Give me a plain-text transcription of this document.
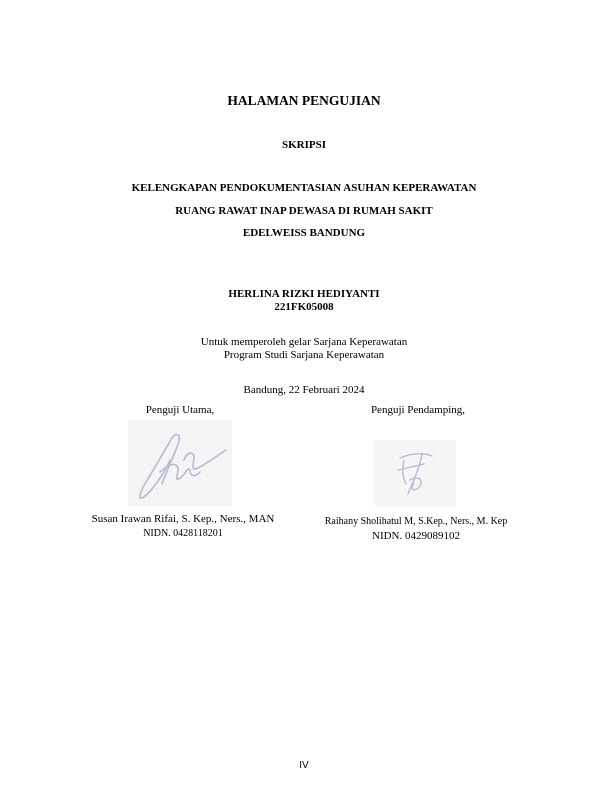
HALAMAN PENGUJIAN
SKRIPSI
KELENGKAPAN PENDOKUMENTASIAN ASUHAN KEPERAWATAN
RUANG RAWAT INAP DEWASA DI RUMAH SAKIT
EDELWEISS BANDUNG
HERLINA RIZKI HEDIYANTI
221FK05008
Untuk memperoleh gelar Sarjana Keperawatan
Program Studi Sarjana Keperawatan
Bandung, 22 Februari 2024
Penguji Utama,	Penguji Pendamping,
Susan Irawan Rifai, S. Kep., Ners., MAN
NIDN. 0428118201
Raihany Sholihatul M, S.Kep., Ners., M. Kep
NIDN. 0429089102
IV
